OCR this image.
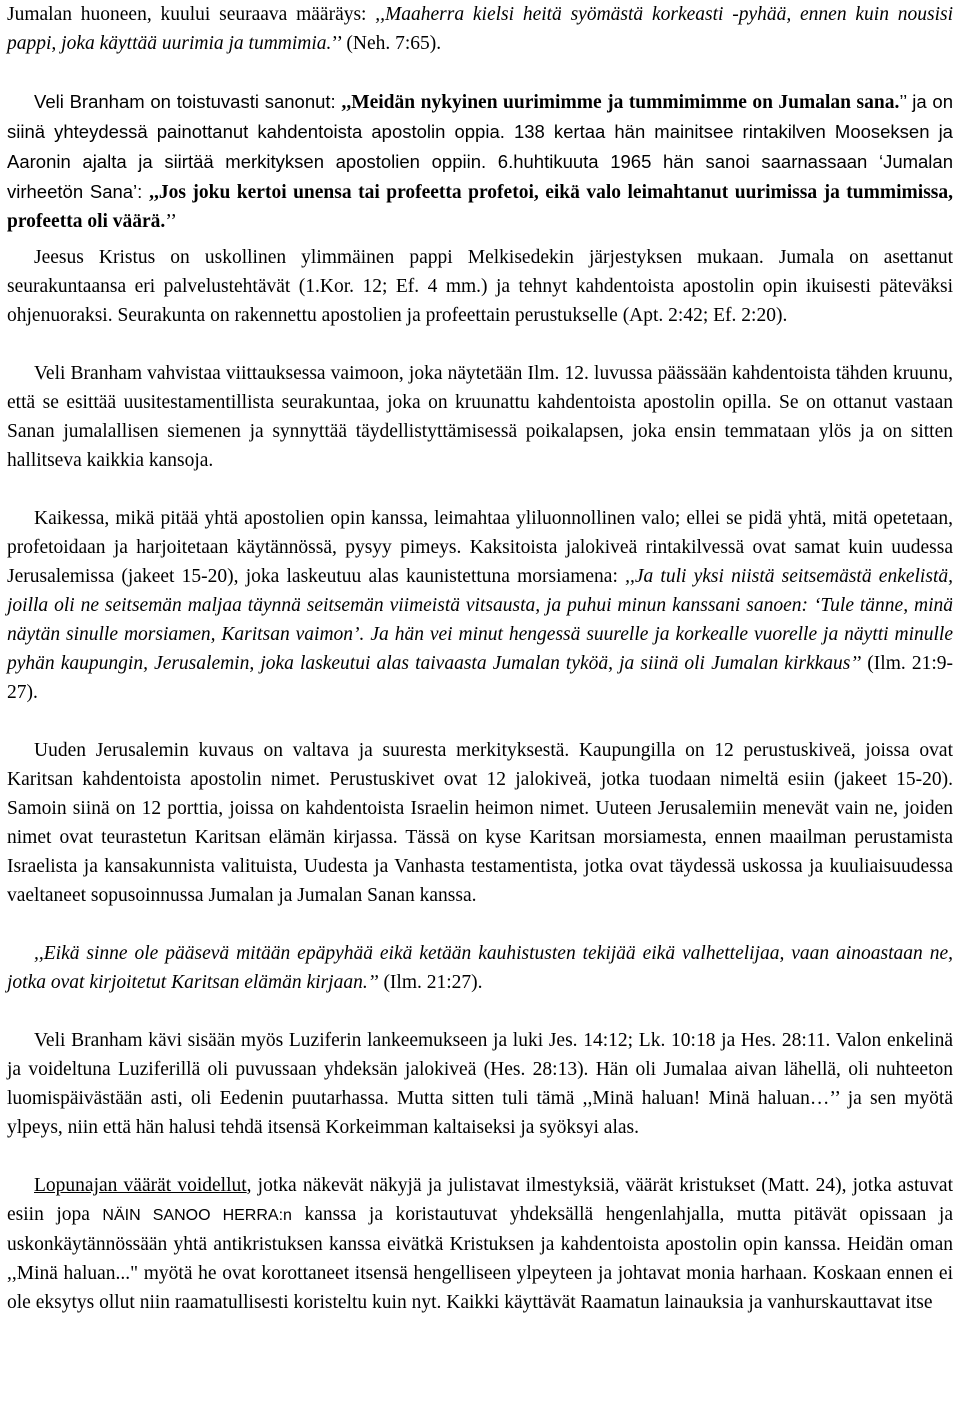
Jumalan huoneen, kuului seuraava määräys: ,,Maaherra kielsi heitä syömästä korkeasti -pyhää, ennen kuin nousisi pappi, joka käyttää uurimia ja tummimia.’’ (Neh. 7:65).

Veli Branham on toistuvasti sanonut: ,,Meidän nykyinen uurimimme ja tummimimme on Jumalan sana.’’ ja on siinä yhteydessä painottanut kahdentoista apostolin oppia. 138 kertaa hän mainitsee rintakilven Mooseksen ja Aaronin ajalta ja siirtää merkityksen apostolien oppiin. 6.huhtikuuta 1965 hän sanoi saarnassaan ‘Jumalan virheetön Sana’: ,,Jos joku kertoi unensa tai profeetta profetoi, eikä valo leimahtanut uurimissa ja tummimissa, profeetta oli väärä.’’

Jeesus Kristus on uskollinen ylimmäinen pappi Melkisedekin järjestyksen mukaan. Jumala on asettanut seurakuntaansa eri palvelustehtävät (1.Kor. 12; Ef. 4 mm.) ja tehnyt kahdentoista apostolin opin ikuisesti päteväksi ohjenuoraksi. Seurakunta on rakennettu apostolien ja profeettain perustukselle (Apt. 2:42; Ef. 2:20).

Veli Branham vahvistaa viittauksessa vaimoon, joka näytetään Ilm. 12. luvussa päässään kahdentoista tähden kruunu, että se esittää uusitestamentillista seurakuntaa, joka on kruunattu kahdentoista apostolin opilla. Se on ottanut vastaan Sanan jumalallisen siemenen ja synnyttää täydellistyttämisessä poikalapsen, joka ensin temmataan ylös ja on sitten hallitseva kaikkia kansoja.

Kaikessa, mikä pitää yhtä apostolien opin kanssa, leimahtaa yliluonnollinen valo; ellei se pidä yhtä, mitä opetetaan, profetoidaan ja harjoitetaan käytännössä, pysyy pimeys. Kaksitoista jalokiveä rintakilvessä ovat samat kuin uudessa Jerusalemissa (jakeet 15-20), joka laskeutuu alas kaunistettuna morsiamena: ,,Ja tuli yksi niistä seitsemästä enkelistä, joilla oli ne seitsemän maljaa täynnä seitsemän viimeistä vitsausta, ja puhui minun kanssani sanoen: ‘Tule tänne, minä näytän sinulle morsiamen, Karitsan vaimon’. Ja hän vei minut hengessä suurelle ja korkealle vuorelle ja näytti minulle pyhän kaupungin, Jerusalemin, joka laskeutui alas taivaasta Jumalan tyköä, ja siinä oli Jumalan kirkkaus’’ (Ilm. 21:9-27).

Uuden Jerusalemin kuvaus on valtava ja suuresta merkityksestä. Kaupungilla on 12 perustuskiveä, joissa ovat Karitsan kahdentoista apostolin nimet. Perustuskivet ovat 12 jalokiveä, jotka tuodaan nimeltä esiin (jakeet 15-20). Samoin siinä on 12 porttia, joissa on kahdentoista Israelin heimon nimet. Uuteen Jerusalemiin menevät vain ne, joiden nimet ovat teurastetun Karitsan elämän kirjassa. Tässä on kyse Karitsan morsiamesta, ennen maailman perustamista Israelista ja kansakunnista valituista, Uudesta ja Vanhasta testamentista, jotka ovat täydessä uskossa ja kuuliaisuudessa vaeltaneet sopusoinnussa Jumalan ja Jumalan Sanan kanssa.

,,Eikä sinne ole pääsevä mitään epäpyhää eikä ketään kauhistusten tekijää eikä valhettelijaa, vaan ainoastaan ne, jotka ovat kirjoitetut Karitsan elämän kirjaan.’’ (Ilm. 21:27).

Veli Branham kävi sisään myös Luziferin lankeemukseen ja luki Jes. 14:12; Lk. 10:18 ja Hes. 28:11. Valon enkelinä ja voideltuna Luziferillä oli puvussaan yhdeksän jalokiveä (Hes. 28:13). Hän oli Jumalaa aivan lähellä, oli nuhteeton luomispäivästään asti, oli Eedenin puutarhassa. Mutta sitten tuli tämä ,,Minä haluan! Minä haluan…’’ ja sen myötä ylpeys, niin että hän halusi tehdä itsensä Korkeimman kaltaiseksi ja syöksyi alas.

Lopunajan väärät voidellut, jotka näkevät näkyjä ja julistavat ilmestyksiä, väärät kristukset (Matt. 24), jotka astuvat esiin jopa NÄIN SANOO HERRA:n kanssa ja koristautuvat yhdeksällä hengenlahjalla, mutta pitävät opissaan ja uskonkäytännössään yhtä antikristuksen kanssa eivätkä Kristuksen ja kahdentoista apostolin opin kanssa. Heidän oman ,,Minä haluan..." myötä he ovat korottaneet itsensä hengelliseen ylpeyteen ja johtavat monia harhaan. Koskaan ennen ei ole eksytys ollut niin raamatullisesti koristeltu kuin nyt. Kaikki käyttävät Raamatun lainauksia ja vanhurskauttavat itse
